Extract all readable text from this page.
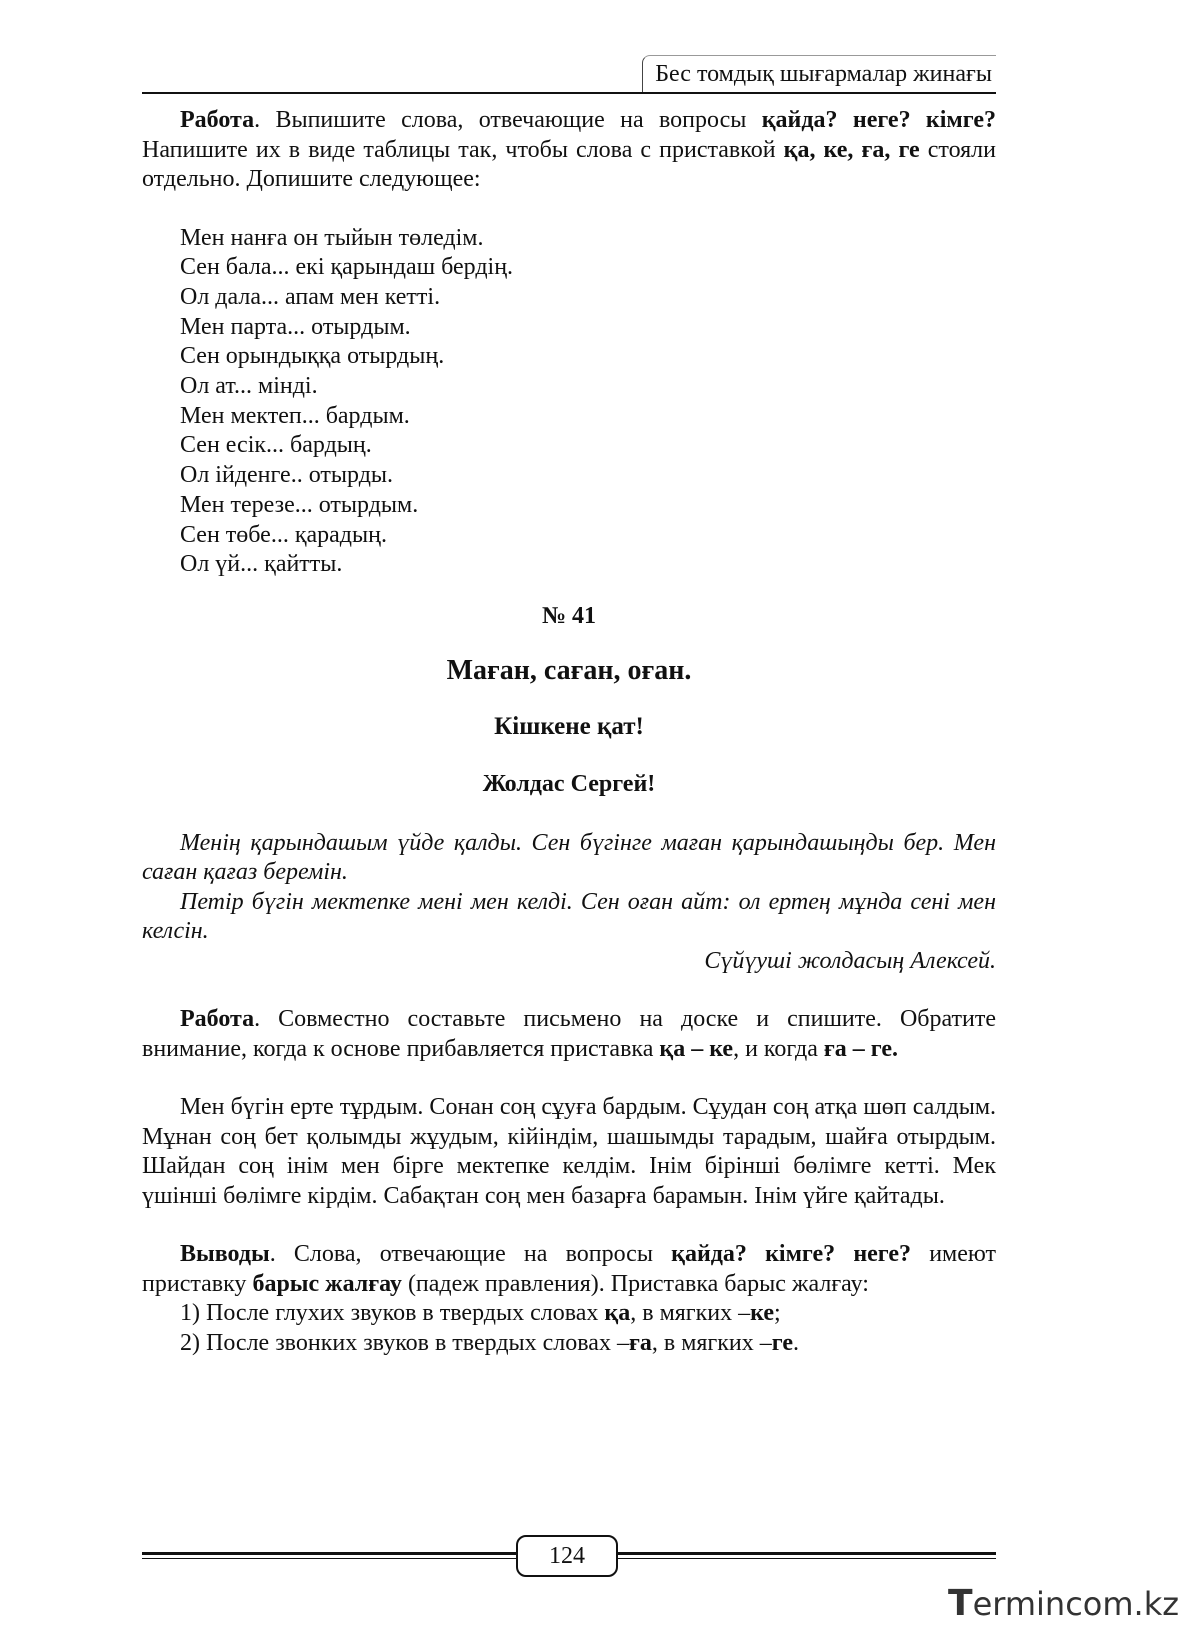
Бес томдық шығармалар жинағы

Работа. Выпишите слова, отвечающие на вопросы қайда? неге? кімге? Напишите их в виде таблицы так, чтобы слова с приставкой қа, ке, ға, ге стояли отдельно. Допишите следующее:

Мен нанға он тыйын төледім.
Сен бала... екі қарындаш бердің.
Ол дала... апам мен кетті.
Мен парта... отырдым.
Сен орындыққа отырдың.
Ол ат... мінді.
Мен мектеп... бардым.
Сен есік... бардың.
Ол ійденге.. отырды.
Мен терезе... отырдым.
Сен төбе... қарадың.
Ол үй... қайтты.
№ 41
Маған, саған, оған.
Кішкене қат!
Жолдас Сергей!

Менің қарындашым үйде қалды. Сен бүгінге маған қарындашыңды бер. Мен саған қағаз беремін.

Петір бүгін мектепке мені мен келді. Сен оған айт: ол ертең мұнда сені мен келсін.

Сүйүуші жолдасың Алексей.

Работа. Совместно составьте письмено на доске и спишите. Обратите внимание, когда к основе прибавляется приставка қа – ке, и когда ға – ге.

Мен бүгін ерте тұрдым. Сонан соң сұуға бардым. Сұудан соң атқа шөп салдым. Мұнан соң бет қолымды жұудым, кійіндім, шашымды тарадым, шайға отырдым. Шайдан соң інім мен бірге мектепке келдім. Інім бірінші бөлімге кетті. Мек үшінші бөлімге кірдім. Сабақтан соң мен базарға барамын. Інім үйге қайтады.

Выводы. Слова, отвечающие на вопросы қайда? кімге? неге? имеют приставку барыс жалғау (падеж правления). Приставка барыс жалғау:

1) После глухих звуков в твердых словах қа, в мягких –ке;
2) После звонких звуков в твердых словах –ға, в мягких –ге.
124
Termincom.kz
